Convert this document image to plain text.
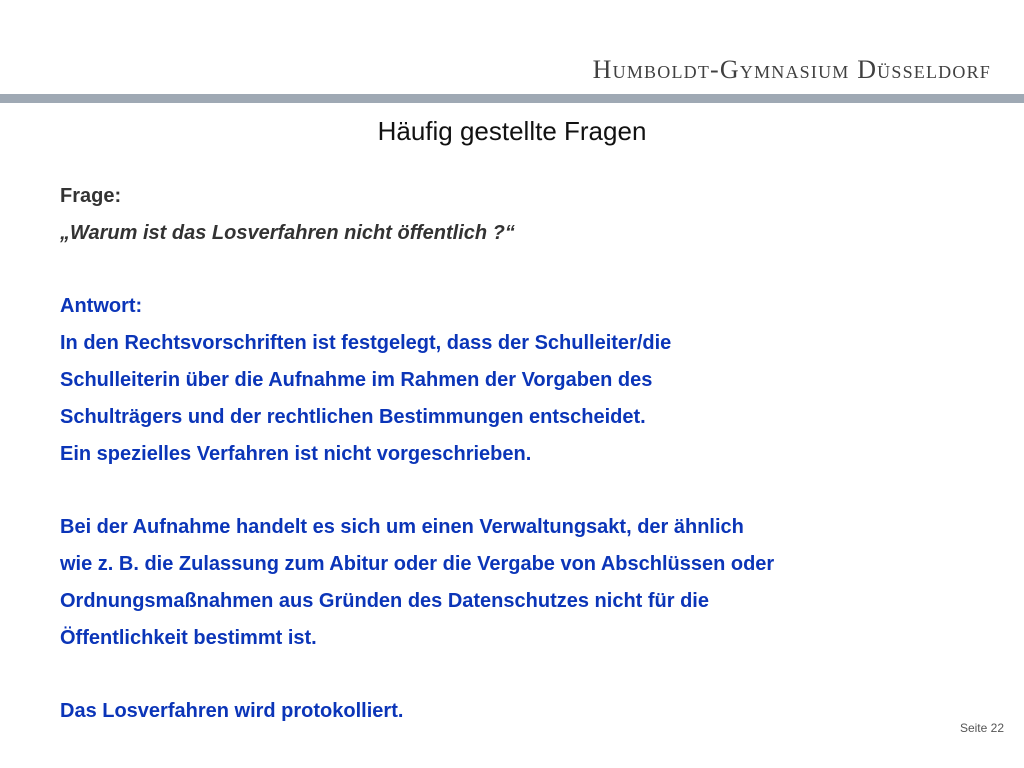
Humboldt-Gymnasium Düsseldorf
Häufig gestellte Fragen
Frage:
„Warum ist das Losverfahren nicht öffentlich ?“
Antwort:
In den Rechtsvorschriften ist festgelegt, dass der Schulleiter/die
Schulleiterin über die Aufnahme im Rahmen der Vorgaben des
Schulträgers und der rechtlichen Bestimmungen entscheidet.
Ein spezielles Verfahren ist nicht vorgeschrieben.
Bei der Aufnahme handelt es sich um einen Verwaltungsakt, der ähnlich
wie z. B. die Zulassung zum Abitur oder die Vergabe von Abschlüssen oder
Ordnungsmaßnahmen aus Gründen des Datenschutzes nicht für die
Öffentlichkeit bestimmt ist.
Das Losverfahren wird protokolliert.
Seite 22
